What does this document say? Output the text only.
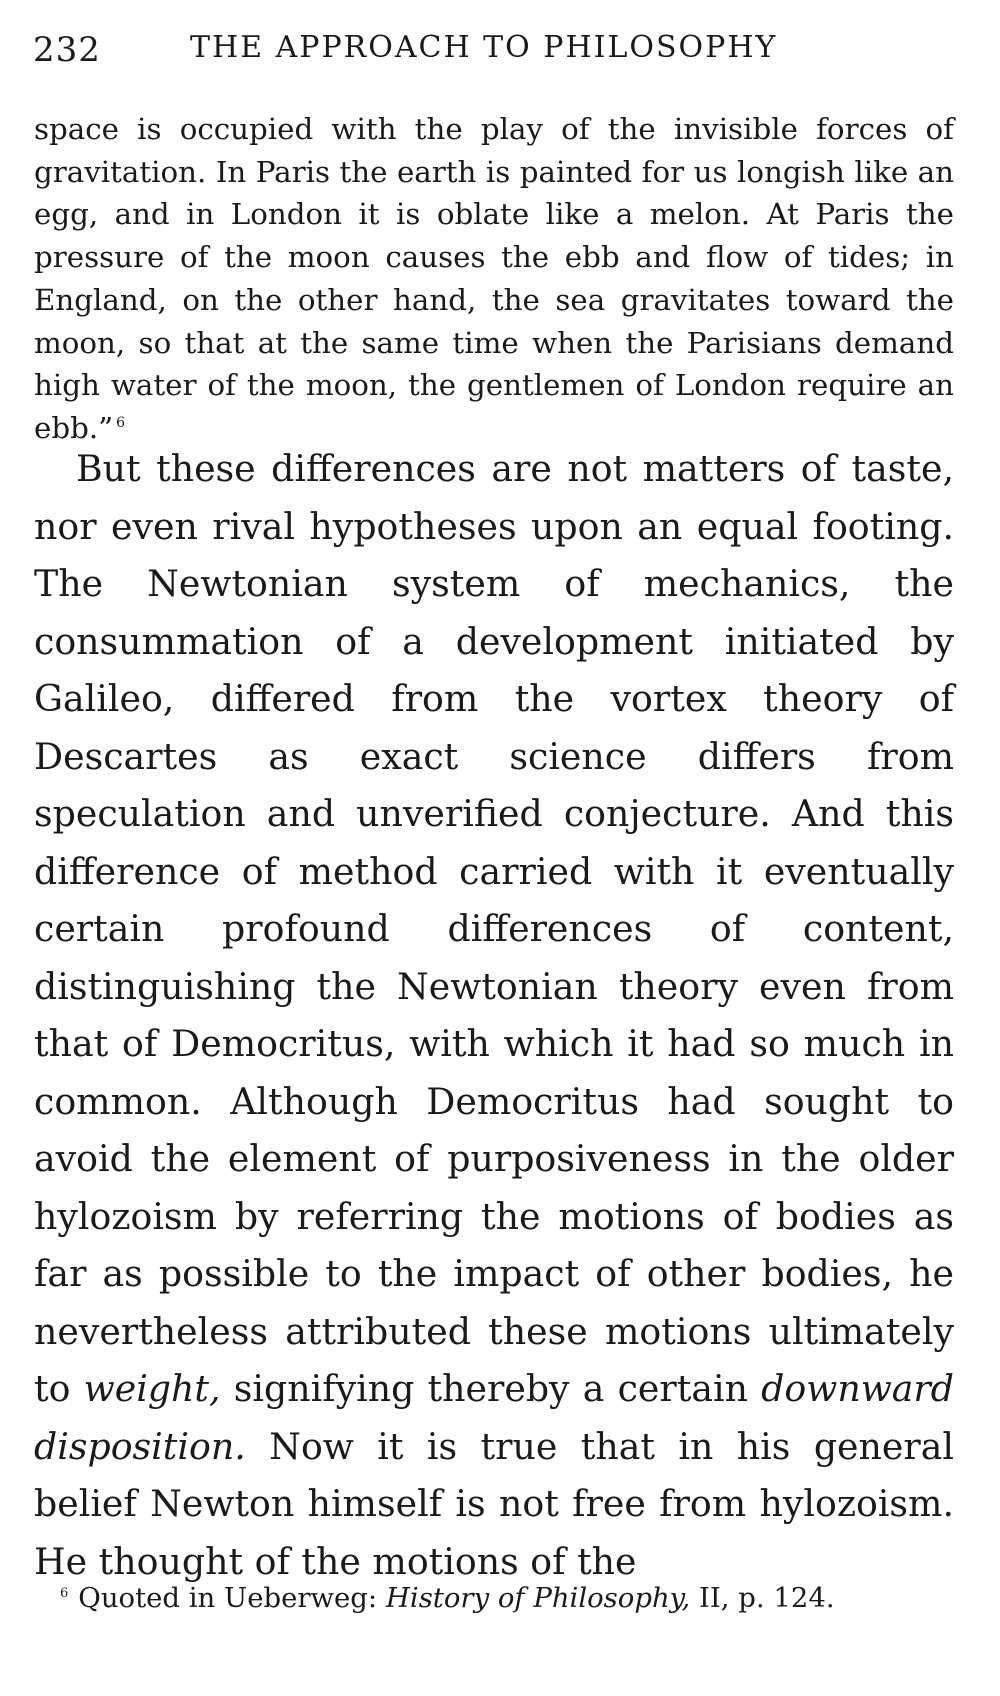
232	THE APPROACH TO PHILOSOPHY

space is occupied with the play of the invisible forces of gravitation. In Paris the earth is painted for us longish like an egg, and in London it is oblate like a melon. At Paris the pressure of the moon causes the ebb and flow of tides; in England, on the other hand, the sea gravitates toward the moon, so that at the same time when the Parisians demand high water of the moon, the gentlemen of London require an ebb.” $^6$

But these differences are not matters of taste, nor even rival hypotheses upon an equal footing. The Newtonian system of mechanics, the consummation of a development initiated by Galileo, differed from the vortex theory of Descartes as exact science differs from speculation and unverified conjecture. And this difference of method carried with it eventually certain profound differences of content, distinguishing the Newtonian theory even from that of Democritus, with which it had so much in common. Although Democritus had sought to avoid the element of purposiveness in the older hylozoism by referring the motions of bodies as far as possible to the impact of other bodies, he nevertheless attributed these motions ultimately to weight, signifying thereby a certain downward disposition. Now it is true that in his general belief Newton himself is not free from hylozoism. He thought of the motions of the

$^6$ Quoted in Ueberweg: History of Philosophy, II, p. 124.
